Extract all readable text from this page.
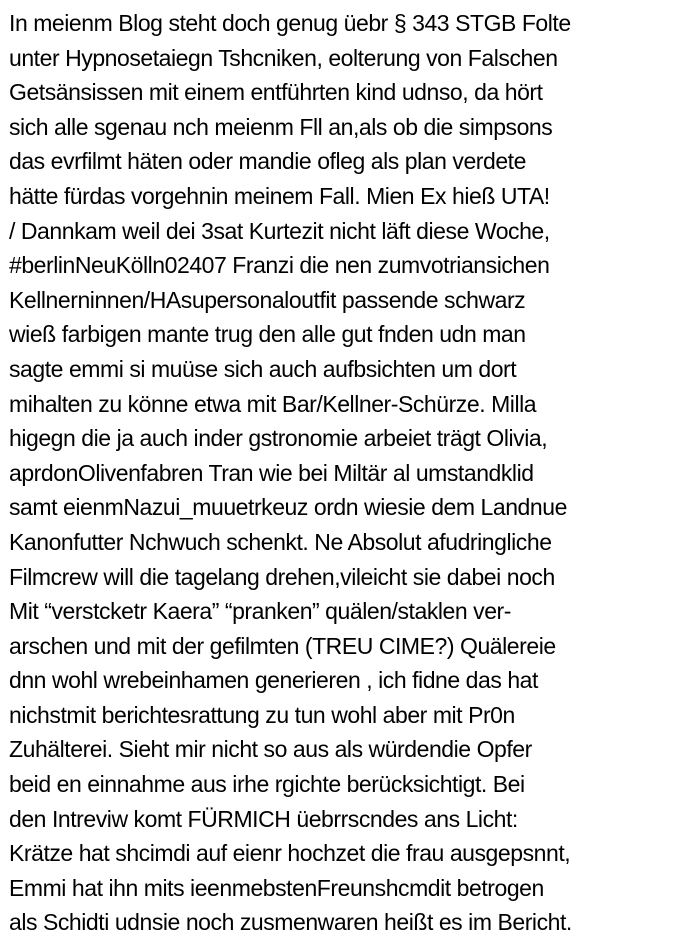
In meienm Blog steht doch genug üebr § 343 STGB Folte
unter Hypnosetaiegn Tshcniken, eolterung von Falschen
Getsänsissen mit einem entführten kind udnso, da hört
sich alle sgenau nch meienm Fll an,als ob die simpsons
das evrfilmt häten oder mandie ofleg als plan verdete
hätte fürdas vorgehnin meinem Fall. Mien Ex hieß UTA!
/ Dannkam weil dei 3sat Kurtezit nicht läft diese Woche,
#berlinNeuKölln02407 Franzi die nen zumvotriansichen
Kellnerninnen/HAsupersonaloutfit passende schwarz
wieß farbigen mante trug den alle gut fnden udn man
sagte emmi si muüse sich auch aufbsichten um dort
mihalten zu könne etwa mit Bar/Kellner-Schürze. Milla
higegn die ja auch inder gstronomie arbeiet trägt Olivia,
aprdonOlivenfabren Tran wie bei Miltär al umstandklid
samt eienmNazui_muuetrkeuz ordn wiesie dem Landnue
Kanonfutter Nchwuch schenkt. Ne Absolut afudringliche
Filmcrew will die tagelang drehen,vileicht sie dabei noch
Mit “verstcketr Kaera” “pranken” quälen/staklen ver-
arschen und mit der gefilmten (TREU CIME?) Quälereie
dnn wohl wrebeinhamen generieren , ich fidne das hat
nichstmit berichtesrattung zu tun wohl aber mit Pr0n
Zuhälterei. Sieht mir nicht so aus als würdendie Opfer
beid en einnahme aus irhe rgichte berücksichtigt. Bei
den Intreviw komt FÜRMICH üebrrscndes ans Licht:
Krätze hat shcimdi auf eienr hochzet die frau ausgepsnnt,
Emmi hat ihn mits ieenmebstenFreunshcmdit betrogen
als Schidti udnsie noch zusmenwaren heißt es im Bericht.
